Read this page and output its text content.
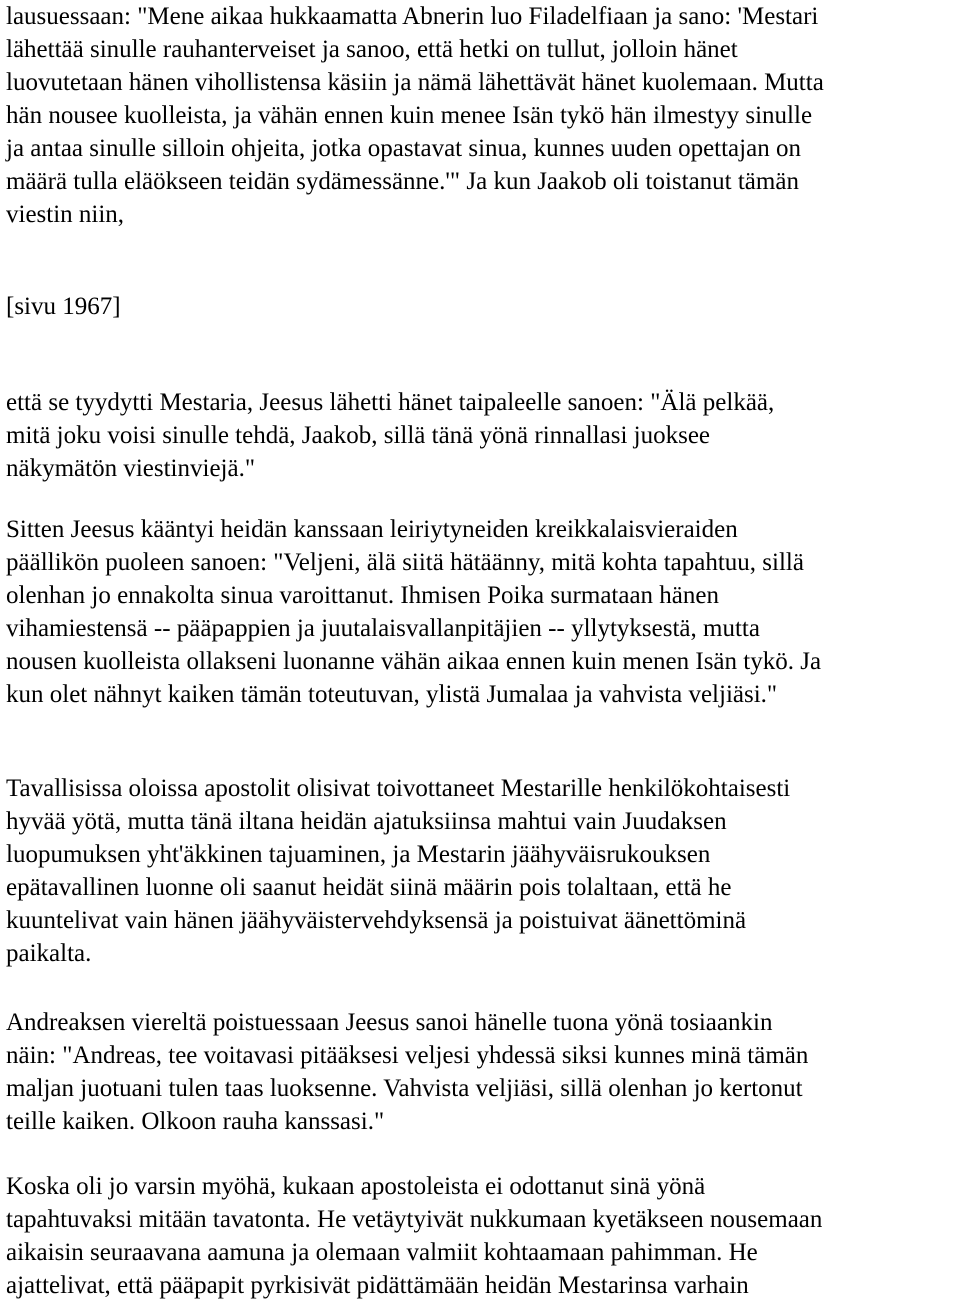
lausuessaan: "Mene aikaa hukkaamatta Abnerin luo Filadelfiaan ja sano: 'Mestari
lähettää sinulle rauhanterveiset ja sanoo, että hetki on tullut, jolloin hänet
luovutetaan hänen vihollistensa käsiin ja nämä lähettävät hänet kuolemaan. Mutta
hän nousee kuolleista, ja vähän ennen kuin menee Isän tykö hän ilmestyy sinulle
ja antaa sinulle silloin ohjeita, jotka opastavat sinua, kunnes uuden opettajan on
määrä tulla eläökseen teidän sydämessänne.'" Ja kun Jaakob oli toistanut tämän
viestin niin,

[sivu 1967]

että se tyydytti Mestaria, Jeesus lähetti hänet taipaleelle sanoen: "Älä pelkää,
mitä joku voisi sinulle tehdä, Jaakob, sillä tänä yönä rinnallasi juoksee
näkymätön viestinviejä."

Sitten Jeesus kääntyi heidän kanssaan leiriytyneiden kreikkalaisvieraiden
päällikön puoleen sanoen: "Veljeni, älä siitä hätäänny, mitä kohta tapahtuu, sillä
olenhan jo ennakolta sinua varoittanut. Ihmisen Poika surmataan hänen
vihamiestensä -- pääpappien ja juutalaisvallanpitäjien -- yllytyksestä, mutta
nousen kuolleista ollakseni luonanne vähän aikaa ennen kuin menen Isän tykö. Ja
kun olet nähnyt kaiken tämän toteutuvan, ylistä Jumalaa ja vahvista veljiäsi."

Tavallisissa oloissa apostolit olisivat toivottaneet Mestarille henkilökohtaisesti
hyvää yötä, mutta tänä iltana heidän ajatuksiinsa mahtui vain Juudaksen
luopumuksen yht'äkkinen tajuaminen, ja Mestarin jäähyväisrukouksen
epätavallinen luonne oli saanut heidät siinä määrin pois tolaltaan, että he
kuuntelivat vain hänen jäähyväistervehdyksensä ja poistuivat äänettöminä
paikalta.

Andreaksen viereltä poistuessaan Jeesus sanoi hänelle tuona yönä tosiaankin
näin: "Andreas, tee voitavasi pitääksesi veljesi yhdessä siksi kunnes minä tämän
maljan juotuani tulen taas luoksenne. Vahvista veljiäsi, sillä olenhan jo kertonut
teille kaiken. Olkoon rauha kanssasi."

Koska oli jo varsin myöhä, kukaan apostoleista ei odottanut sinä yönä
tapahtuvaksi mitään tavatonta. He vetäytyivät nukkumaan kyetäkseen nousemaan
aikaisin seuraavana aamuna ja olemaan valmiit kohtaamaan pahimman. He
ajattelivat, että pääpapit pyrkisivät pidättämään heidän Mestarinsa varhain
